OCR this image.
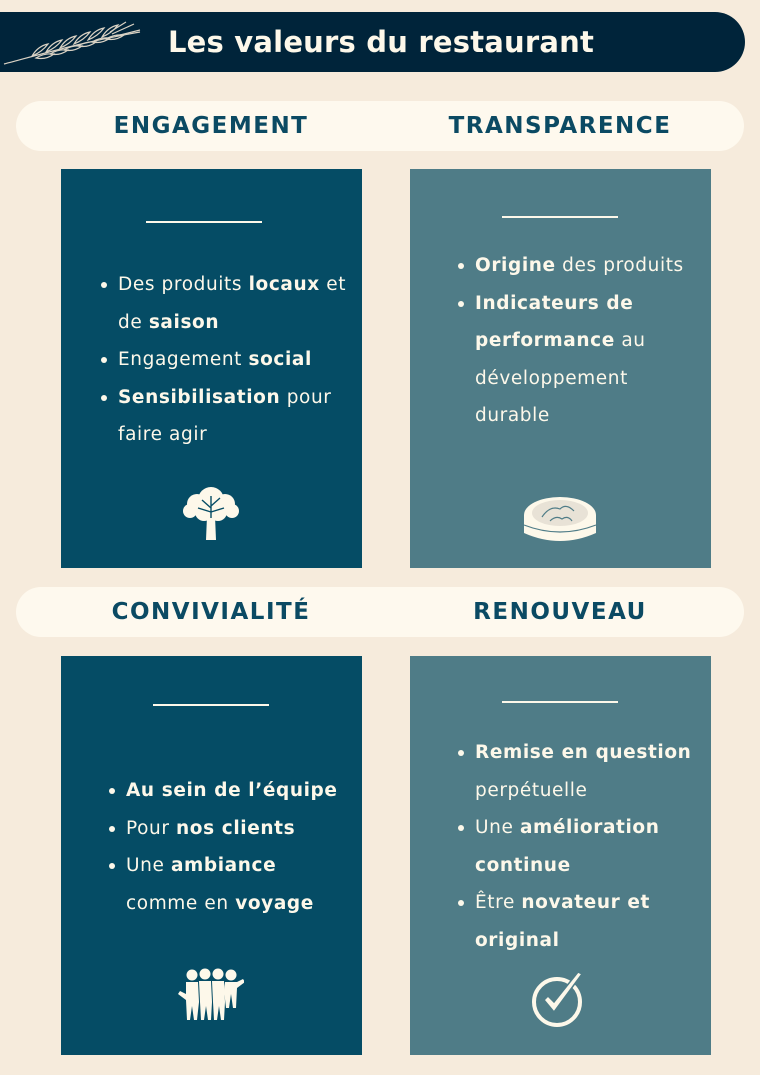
Les valeurs du restaurant
ENGAGEMENT	TRANSPARENCE
Des produits locaux et de saison
Engagement social
Sensibilisation pour faire agir
Origine des produits
Indicateurs de performance au développement durable
CONVIVIALITÉ	RENOUVEAU
Au sein de l’équipe
Pour nos clients
Une ambiance comme en voyage
Remise en question perpétuelle
Une amélioration continue
Être novateur et original
